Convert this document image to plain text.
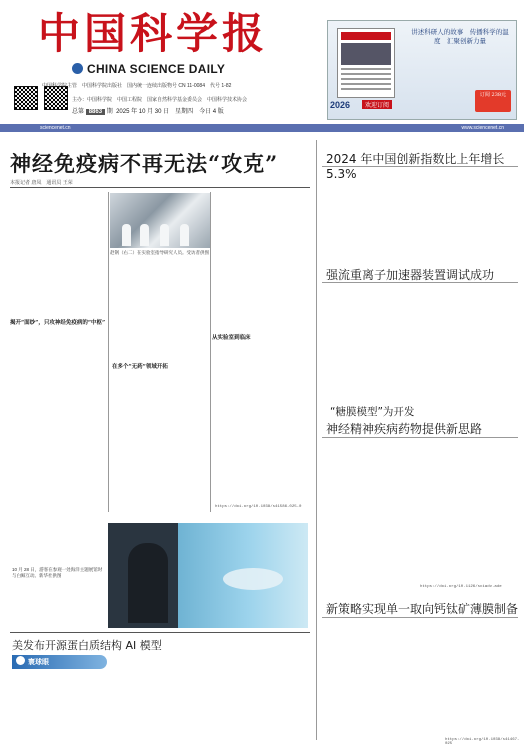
中国科学报
CHINA SCIENCE DAILY
中国科学院主管　中国科学院出版社　国内统一连续出版物号 CN 11-0084　代号 1-82
主办：中国科学院　中国工程院　国家自然科学基金委员会　中国科学技术协会
总第 8863 期 2025 年 10 月 30 日　星期四　今日 4 版
讲述科研人的故事　传播科学的温度　汇聚创新力量
2026	欢迎订阅
订阅 238元
sciencenet.cn	www.sciencenet.cn
神经免疫病不再无法“攻克”
本报记者 唐凤　通讯员 王荣
赵钢（右二）在实验室指导研究人员。受访者供图
揭开“面纱”，只攻神经免疫病的“中枢”
在多个“无药”领域开拓
从实验室到临床
https://doi.org/10.1038/s41586-025-0
2024 年中国创新指数比上年增长 5.3%
强流重离子加速器装置调试成功
“糖膜模型”为开发
神经精神疾病药物提供新思路
https://doi.org/10.1126/sciadv.ade
新策略实现单一取向钙钛矿薄膜制备
https://doi.org/10.1038/s41467-025
10 月 28 日，游客在参观一处海洋主题展馆时与白鲸互动。新华社供图
美发布开源蛋白质结构 AI 模型
寰球眼
